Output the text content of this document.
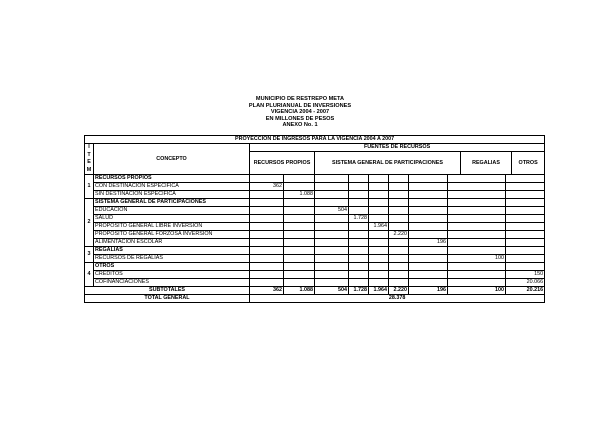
MUNICIPIO DE RESTREPO META
PLAN PLURIANUAL DE INVERSIONES
VIGENCIA 2004 - 2007
EN MILLONES DE PESOS
ANEXO No. 1
PROYECCION DE INGRESOS PARA LA VIGENCIA 2004 A 2007												
I
T
E
M	CONCEPTO	FUENTES DE RECURSOS										
		RECURSOS PROPIOS		SISTEMA GENERAL DE PARTICIPACIONES						REGALIAS		OTROS

1	RECURSOS PROPIOS											
	CON DESTINACION ESPECIFICA	362										
	SIN DESTINACION ESPECIFICA		1.088									
2	SISTEMA GENERAL DE PARTICIPACIONES											
	EDUCACION			504								
	SALUD				1.728							
	PROPOSITO GENERAL LIBRE INVERSION					1.964						
	PROPOSITO GENERAL FORZOSA INVERSION						2.220					
	ALIMENTACION ESCOLAR							196				
3	REGALIAS											
	RECURSOS DE REGALIAS								100			
4	OTROS											
	CREDITOS										150	
	COFINANCIACIONES										20.066	
SUBTOTALES		362	1.088	504	1.728	1.964	2.220	196	100		20.216	
TOTAL GENERAL		28.378										
